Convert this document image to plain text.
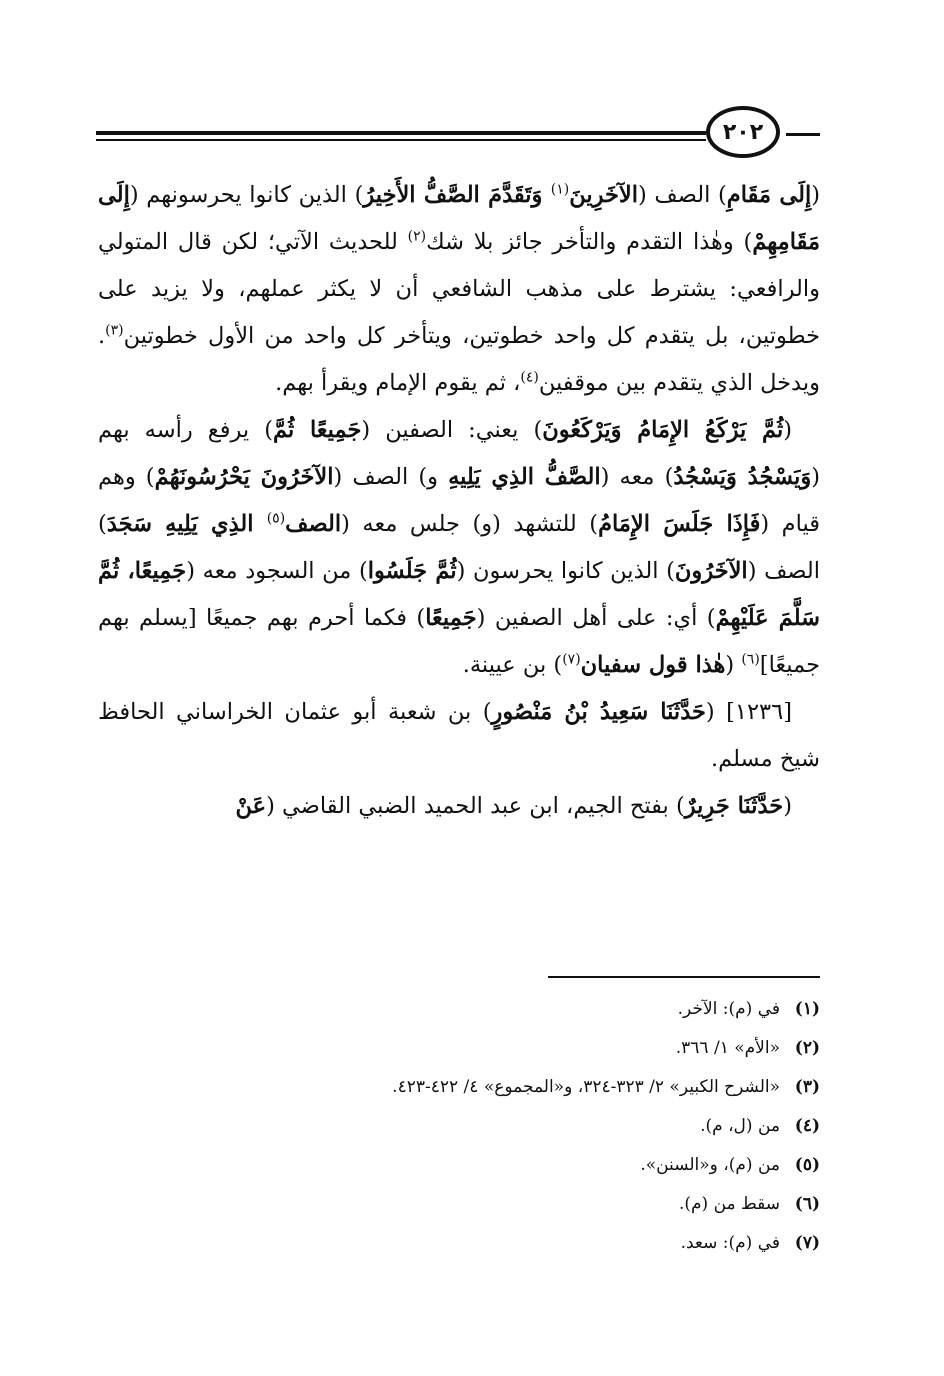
٢٠٢

(إِلَى مَقَامِ) الصف (الآخَرِينَ$^{(١)}$ وَتَقَدَّمَ الصَّفُّ الأَخِيرُ) الذين كانوا يحرسونهم (إِلَى مَقَامِهِمْ) وهٰذا التقدم والتأخر جائز بلا شك$^{(٢)}$ للحديث الآتي؛ لكن قال المتولي والرافعي: يشترط على مذهب الشافعي أن لا يكثر عملهم، ولا يزيد على خطوتين، بل يتقدم كل واحد خطوتين، ويتأخر كل واحد من الأول خطوتين$^{(٣)}$. ويدخل الذي يتقدم بين موقفين$^{(٤)}$، ثم يقوم الإمام ويقرأ بهم.

(ثُمَّ يَرْكَعُ الإِمَامُ وَيَرْكَعُونَ) يعني: الصفين (جَمِيعًا ثُمَّ) يرفع رأسه بهم (وَيَسْجُدُ وَيَسْجُدُ) معه (الصَّفُّ الذِي يَلِيهِ و) الصف (الآخَرُونَ يَحْرُسُونَهُمْ) وهم قيام (فَإِذَا جَلَسَ الإِمَامُ) للتشهد (و) جلس معه (الصف$^{(٥)}$ الذِي يَلِيهِ سَجَدَ) الصف (الآخَرُونَ) الذين كانوا يحرسون (ثُمَّ جَلَسُوا) من السجود معه (جَمِيعًا، ثُمَّ سَلَّمَ عَلَيْهِمْ) أي: على أهل الصفين (جَمِيعًا) فكما أحرم بهم جميعًا [يسلم بهم جميعًا]$^{(٦)}$ (هٰذا قول سفيان$^{(٧)}$) بن عيينة.

[١٢٣٦] (حَدَّثَنَا سَعِيدُ بْنُ مَنْصُورٍ) بن شعبة أبو عثمان الخراساني الحافظ شيخ مسلم.

(حَدَّثَنَا جَرِيرٌ) بفتح الجيم، ابن عبد الحميد الضبي القاضي (عَنْ

(١)
في (م): الآخر.
(٢)
«الأم» ١/ ٣٦٦.
(٣)
«الشرح الكبير» ٢/ ٣٢٣-٣٢٤، و«المجموع» ٤/ ٤٢٢-٤٢٣.
(٤)
من (ل، م).
(٥)
من (م)، و«السنن».
(٦)
سقط من (م).
(٧)
في (م): سعد.
